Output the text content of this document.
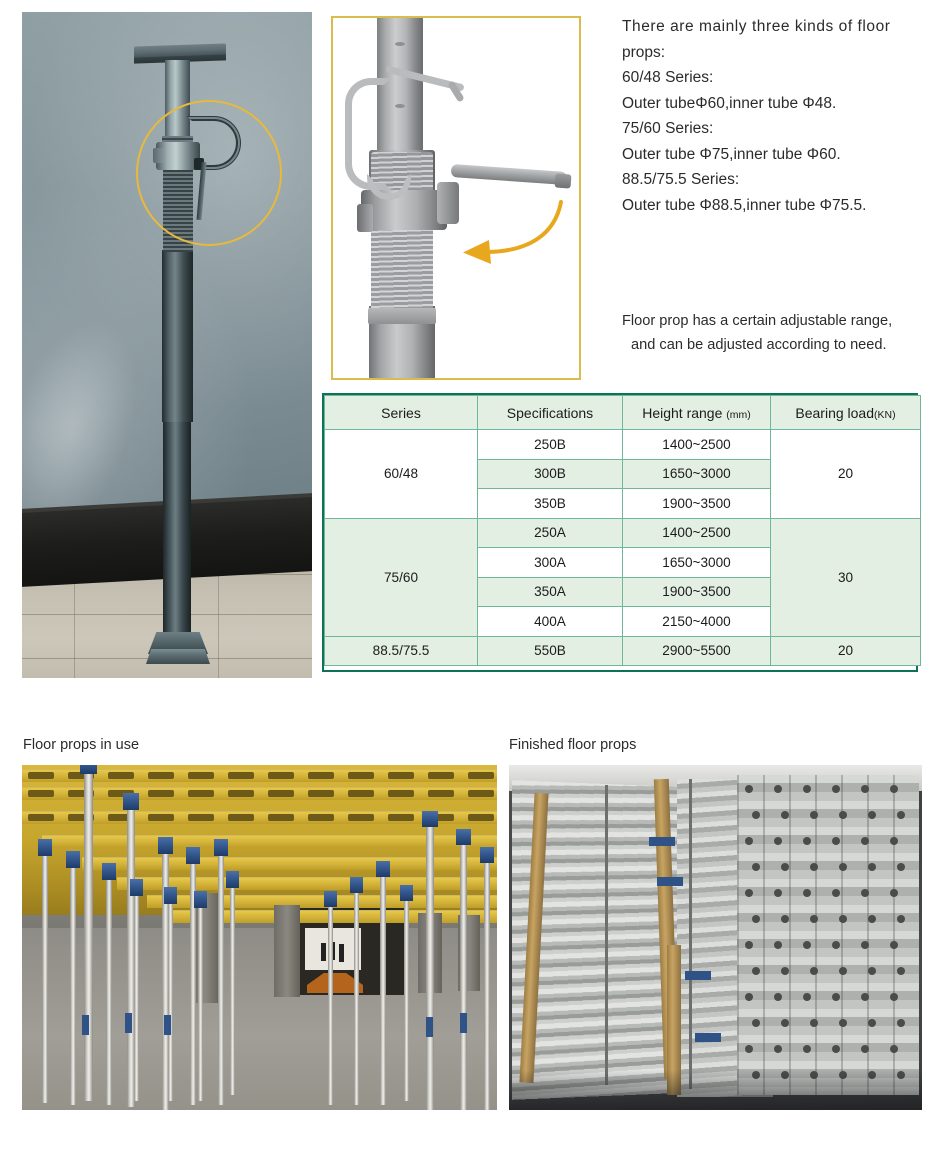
There are mainly three kinds of floor
props:
60/48 Series:
Outer tubeΦ60,inner tube Φ48.
75/60 Series:
Outer tube Φ75,inner tube Φ60.
88.5/75.5 Series:
Outer tube Φ88.5,inner tube Φ75.5.
Floor prop has a certain adjustable range,
and can be adjusted according to need.
Series	Specifications	Height range (mm)	Bearing load(KN)
60/48	250B	1400~2500	20
	300B	1650~3000	
	350B	1900~3500	
75/60	250A	1400~2500	30
	300A	1650~3000	
	350A	1900~3500	
	400A	2150~4000	
88.5/75.5	550B	2900~5500	20
Floor props in use	Finished floor props
